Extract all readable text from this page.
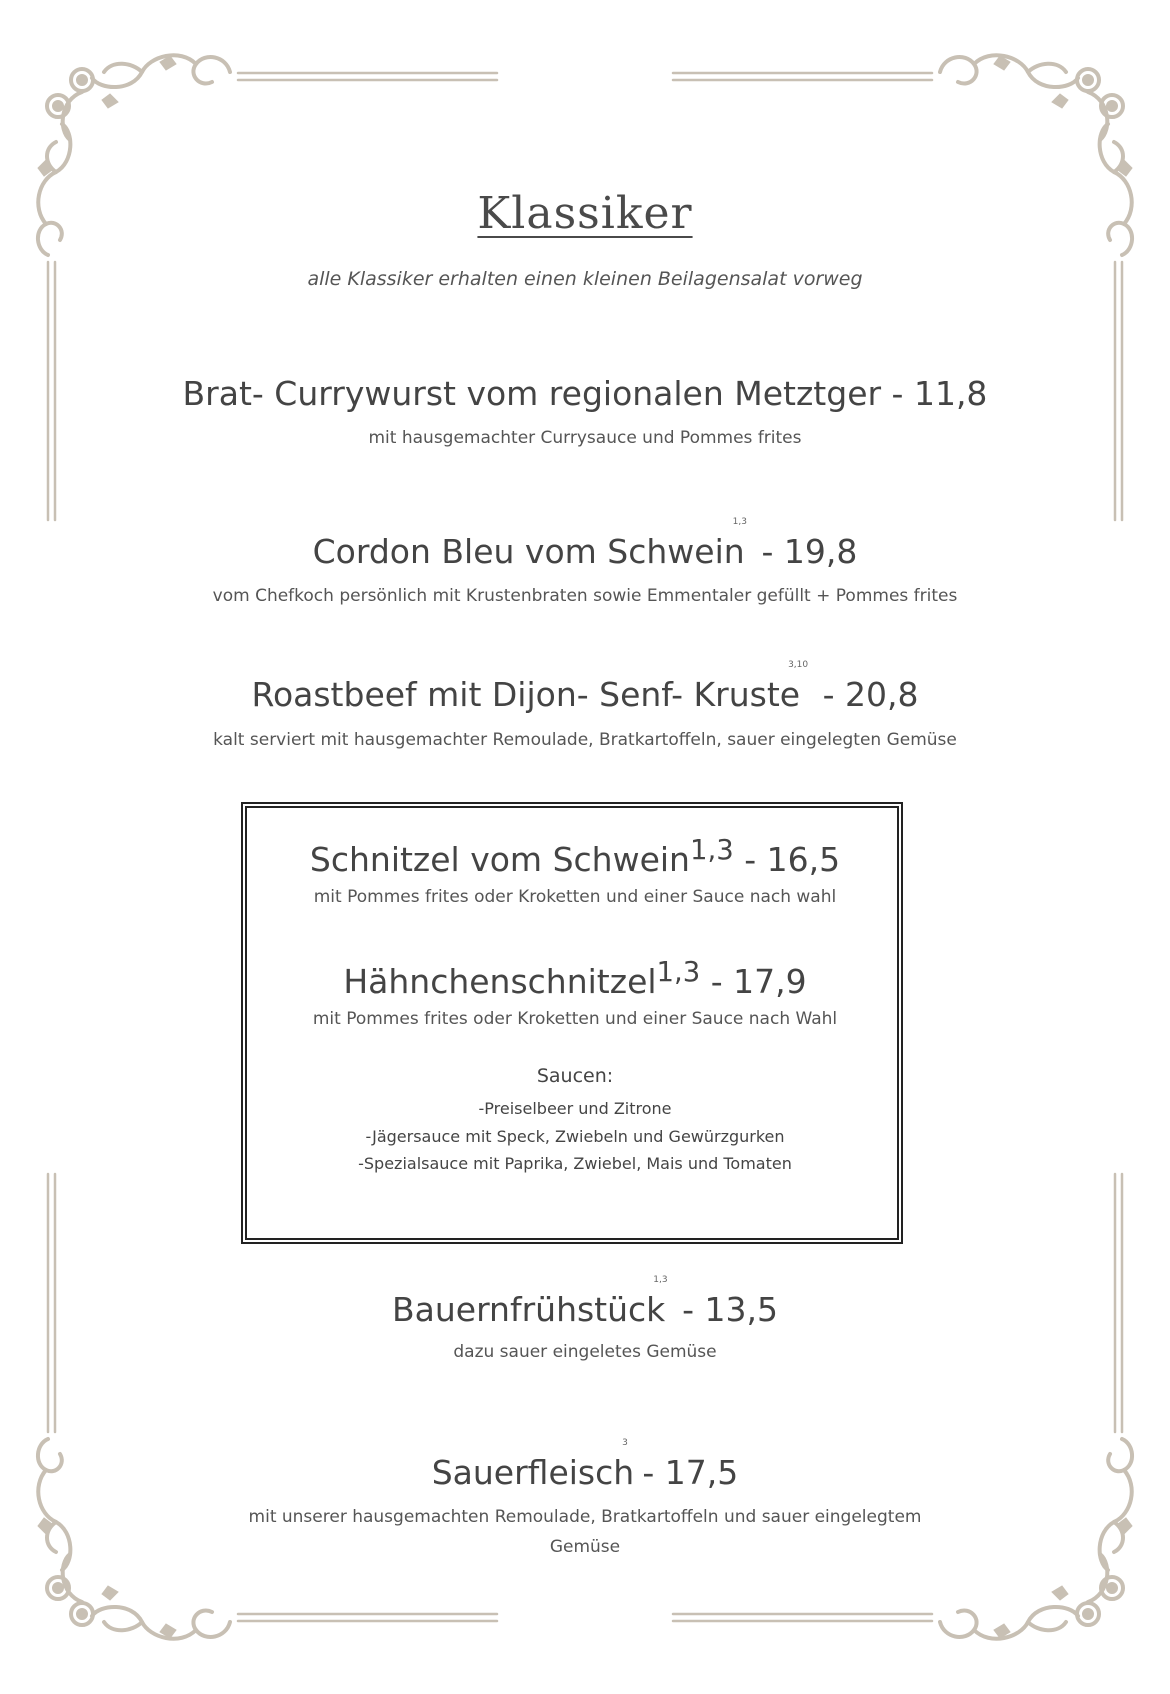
Klassiker
alle Klassiker erhalten einen kleinen Beilagensalat vorweg
Brat- Currywurst vom regionalen Metztger - 11,8
mit hausgemachter Currysauce und Pommes frites
Cordon Bleu vom Schwein$^{1,3}$ - 19,8
vom Chefkoch persönlich mit Krustenbraten sowie Emmentaler gefüllt + Pommes frites
Roastbeef mit Dijon- Senf- Kruste$^{3,10}$ - 20,8
kalt serviert mit hausgemachter Remoulade, Bratkartoffeln, sauer eingelegten Gemüse
Schnitzel vom Schwein$^{1,3}$ - 16,5
mit Pommes frites oder Kroketten und einer Sauce nach wahl
Hähnchenschnitzel$^{1,3}$ - 17,9
mit Pommes frites oder Kroketten und einer Sauce nach Wahl
Saucen:
-Preiselbeer und Zitrone
-Jägersauce mit Speck, Zwiebeln und Gewürzgurken
-Spezialsauce mit Paprika, Zwiebel, Mais und Tomaten
Bauernfrühstück$^{1,3}$ - 13,5
dazu sauer eingeletes Gemüse
Sauerfleisch$^3$ - 17,5
mit unserer hausgemachten Remoulade, Bratkartoffeln und sauer eingelegtem
Gemüse
